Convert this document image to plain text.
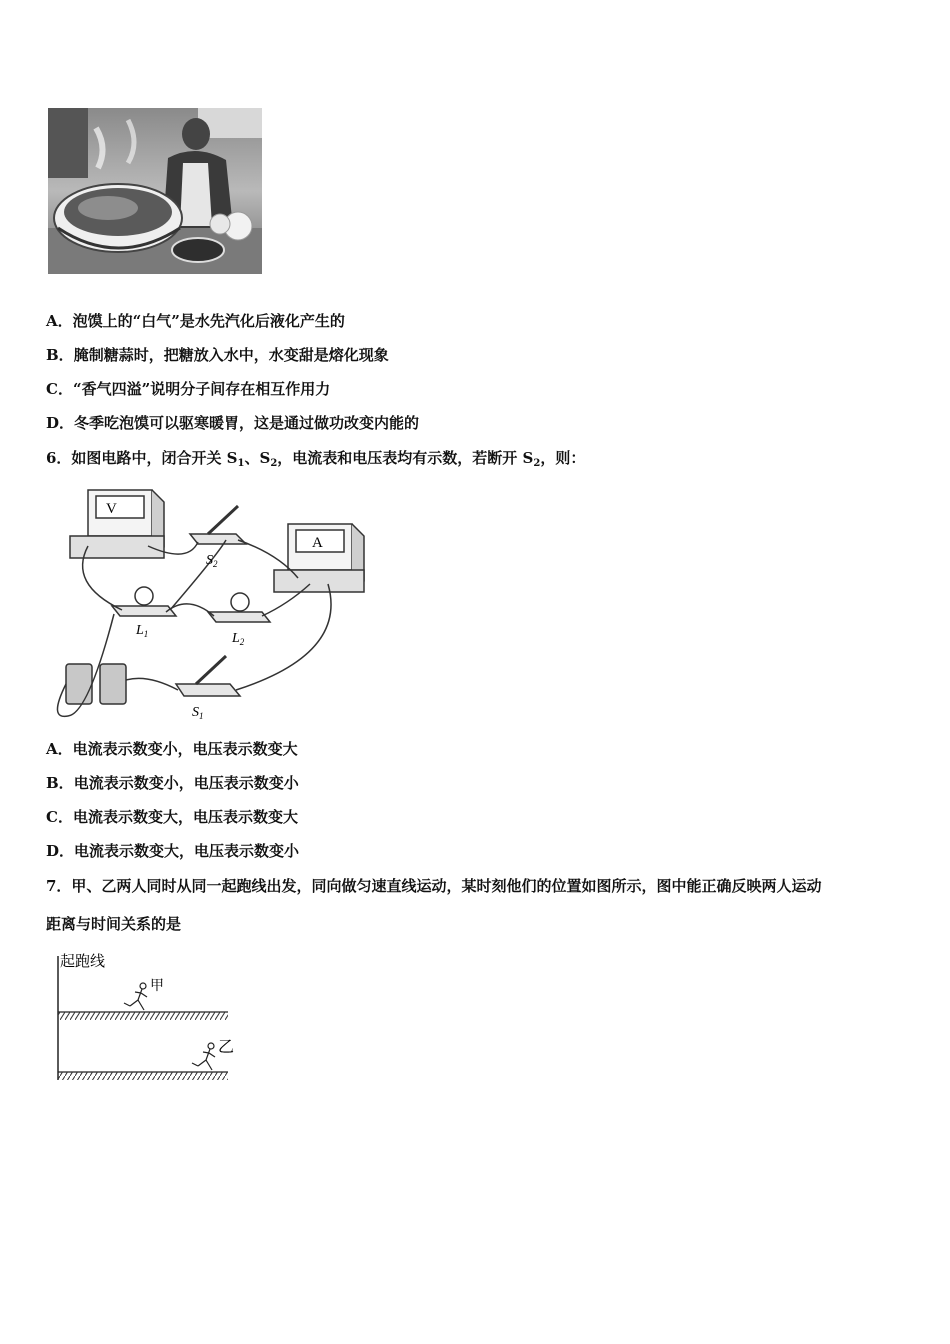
A．泡馍上的“白气”是水先汽化后液化产生的
B．腌制糖蒜时，把糖放入水中，水变甜是熔化现象
C．“香气四溢”说明分子间存在相互作用力
D．冬季吃泡馍可以驱寒暖胃，这是通过做功改变内能的
6．如图电路中，闭合开关 $S_1$、$S_2$，电流表和电压表均有示数，若断开 $S_2$，则：
V
A
$S_2$
$S_1$
$L_1$	$L_2$
A．电流表示数变小，电压表示数变大
B．电流表示数变小，电压表示数变小
C．电流表示数变大，电压表示数变大
D．电流表示数变大，电压表示数变小
7．甲、乙两人同时从同一起跑线出发，同向做匀速直线运动，某时刻他们的位置如图所示，图中能正确反映两人运动
距离与时间关系的是
起跑线
甲
乙
